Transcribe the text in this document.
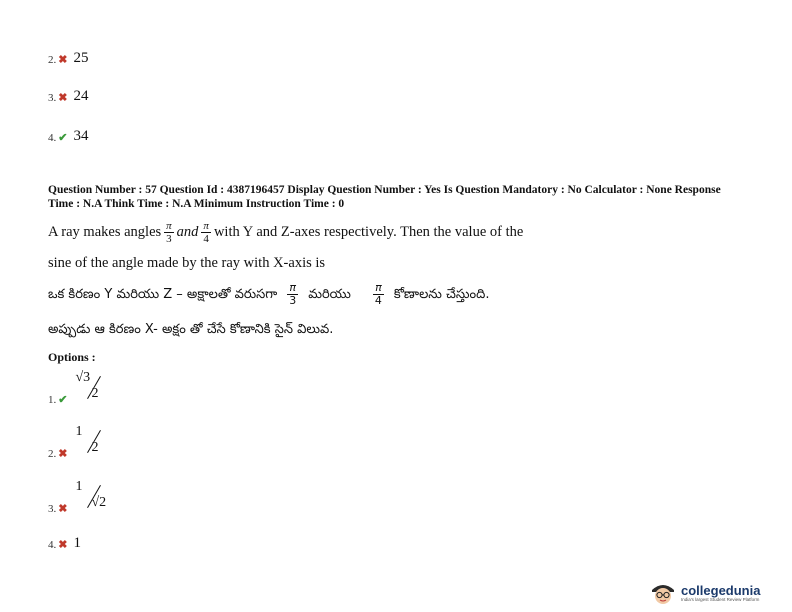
2. ✖ 25
3. ✖ 24
4. ✔ 34
Question Number : 57 Question Id : 4387196457 Display Question Number : Yes Is Question Mandatory : No Calculator : None Response
Time : N.A Think Time : N.A Minimum Instruction Time : 0
A ray makes angles $\frac{\pi}{3}$ and $\frac{\pi}{4}$ with Y and Z-axes respectively. Then the value of the
sine of the angle made by the ray with X-axis is
ఒక కిరణం Y మరియు Z – అక్షాలతో వరుసగా $\frac{\pi}{3}$ మరియు $\frac{\pi}{4}$ కోణాలను చేస్తుంది.
అప్పుడు ఆ కిరణం X- అక్షం తో చేసే కోణానికి సైన్ విలువ.
Options :
1. ✔
√3
2
2. ✖
1
2
3. ✖
1
√2
4. ✖ 1
collegedunia
India's largest Student Review Platform
